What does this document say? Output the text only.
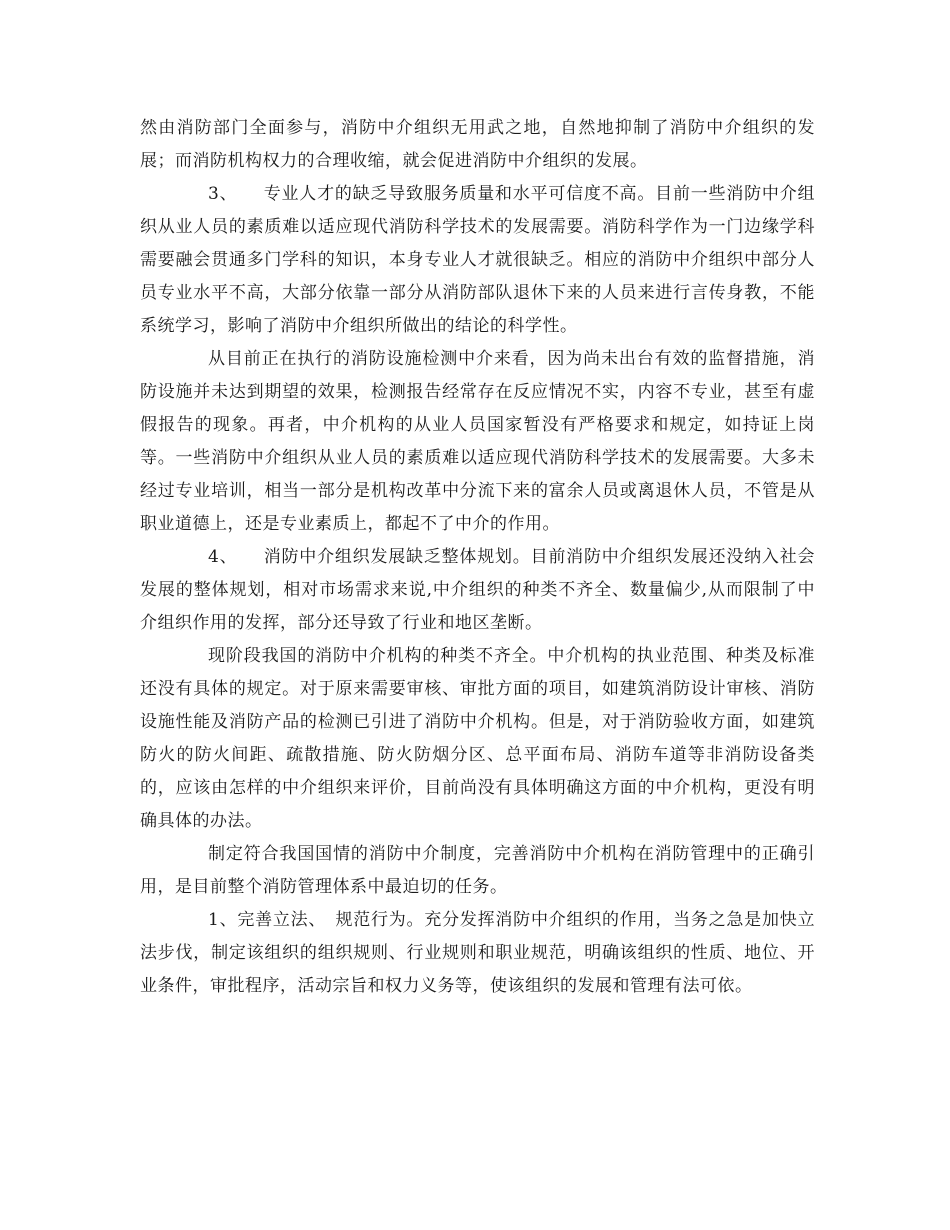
然由消防部门全面参与，消防中介组织无用武之地，自然地抑制了消防中介组织的发展；而消防机构权力的合理收缩，就会促进消防中介组织的发展。

3、 专业人才的缺乏导致服务质量和水平可信度不高。目前一些消防中介组织从业人员的素质难以适应现代消防科学技术的发展需要。消防科学作为一门边缘学科需要融会贯通多门学科的知识，本身专业人才就很缺乏。相应的消防中介组织中部分人员专业水平不高，大部分依靠一部分从消防部队退休下来的人员来进行言传身教，不能系统学习，影响了消防中介组织所做出的结论的科学性。

从目前正在执行的消防设施检测中介来看，因为尚未出台有效的监督措施，消防设施并未达到期望的效果，检测报告经常存在反应情况不实，内容不专业，甚至有虚假报告的现象。再者，中介机构的从业人员国家暂没有严格要求和规定，如持证上岗等。一些消防中介组织从业人员的素质难以适应现代消防科学技术的发展需要。大多未经过专业培训，相当一部分是机构改革中分流下来的富余人员或离退休人员，不管是从职业道德上，还是专业素质上，都起不了中介的作用。

4、 消防中介组织发展缺乏整体规划。目前消防中介组织发展还没纳入社会发展的整体规划，相对市场需求来说,中介组织的种类不齐全、数量偏少,从而限制了中介组织作用的发挥，部分还导致了行业和地区垄断。

现阶段我国的消防中介机构的种类不齐全。中介机构的执业范围、种类及标准还没有具体的规定。对于原来需要审核、审批方面的项目，如建筑消防设计审核、消防设施性能及消防产品的检测已引进了消防中介机构。但是，对于消防验收方面，如建筑防火的防火间距、疏散措施、防火防烟分区、总平面布局、消防车道等非消防设备类的，应该由怎样的中介组织来评价，目前尚没有具体明确这方面的中介机构，更没有明确具体的办法。

制定符合我国国情的消防中介制度，完善消防中介机构在消防管理中的正确引用，是目前整个消防管理体系中最迫切的任务。

1、完善立法、　规范行为。充分发挥消防中介组织的作用，当务之急是加快立法步伐，制定该组织的组织规则、行业规则和职业规范，明确该组织的性质、地位、开业条件，审批程序，活动宗旨和权力义务等，使该组织的发展和管理有法可依。
